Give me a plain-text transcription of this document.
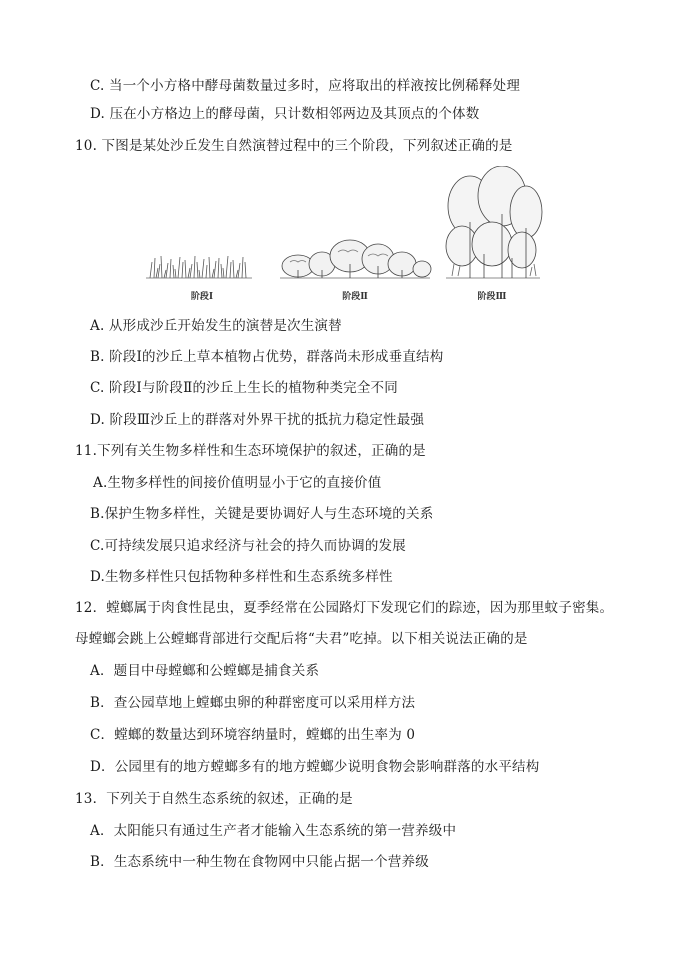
C. 当一个小方格中酵母菌数量过多时，应将取出的样液按比例稀释处理
D. 压在小方格边上的酵母菌，只计数相邻两边及其顶点的个体数
10. 下图是某处沙丘发生自然演替过程中的三个阶段，下列叙述正确的是
阶段Ⅰ	阶段Ⅱ	阶段Ⅲ
A. 从形成沙丘开始发生的演替是次生演替
B. 阶段Ⅰ的沙丘上草本植物占优势，群落尚未形成垂直结构
C. 阶段Ⅰ与阶段Ⅱ的沙丘上生长的植物种类完全不同
D. 阶段Ⅲ沙丘上的群落对外界干扰的抵抗力稳定性最强
11.下列有关生物多样性和生态环境保护的叙述，正确的是
A.生物多样性的间接价值明显小于它的直接价值
B.保护生物多样性，关键是要协调好人与生态环境的关系
C.可持续发展只追求经济与社会的持久而协调的发展
D.生物多样性只包括物种多样性和生态系统多样性
12．螳螂属于肉食性昆虫，夏季经常在公园路灯下发现它们的踪迹，因为那里蚊子密集。
母螳螂会跳上公螳螂背部进行交配后将“夫君”吃掉。以下相关说法正确的是
A．题目中母螳螂和公螳螂是捕食关系
B．查公园草地上螳螂虫卵的种群密度可以采用样方法
C．螳螂的数量达到环境容纳量时，螳螂的出生率为 0
D．公园里有的地方螳螂多有的地方螳螂少说明食物会影响群落的水平结构
13．下列关于自然生态系统的叙述，正确的是
A．太阳能只有通过生产者才能输入生态系统的第一营养级中
B．生态系统中一种生物在食物网中只能占据一个营养级
